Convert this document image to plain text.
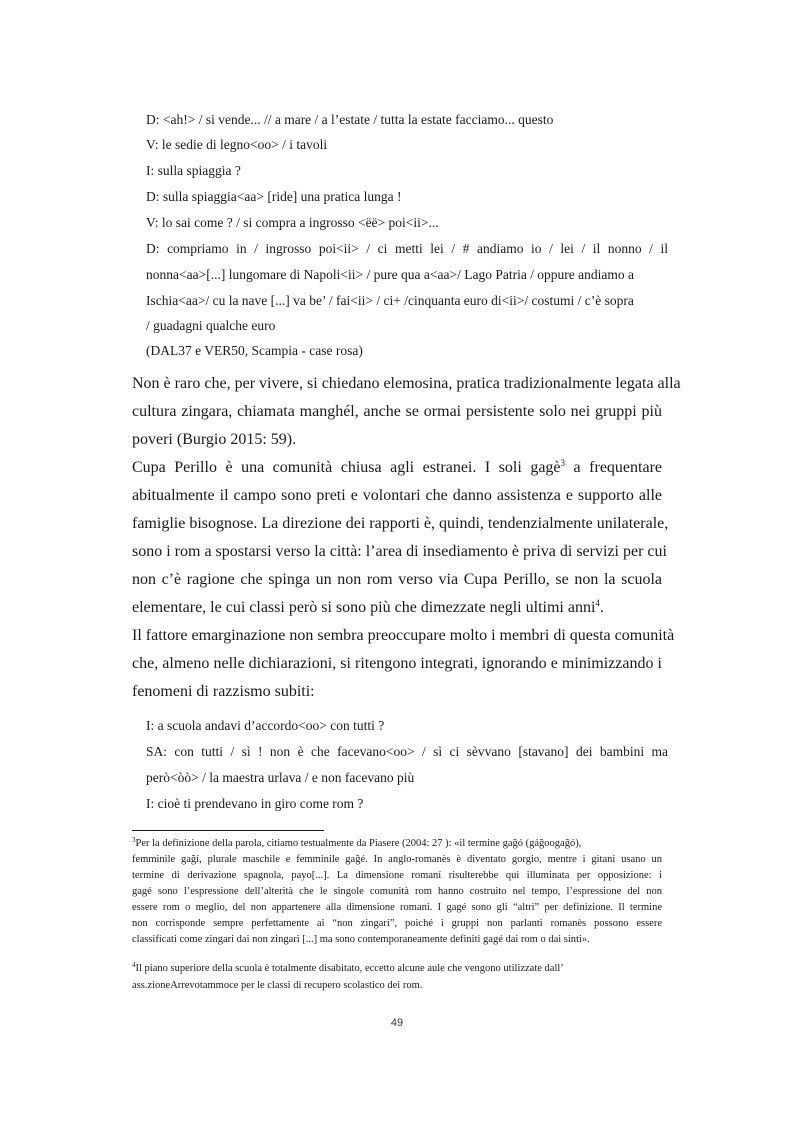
D: <ah!> / si vende... // a mare / a l’estate / tutta la estate facciamo... questo
V: le sedie di legno<oo> / i tavoli
I: sulla spiaggia ?
D: sulla spiaggia<aa> [ride] una pratica lunga !
V: lo sai come ? / si compra a ingrosso <ëë> poi<ii>...
D: compriamo in / ingrosso poi<ii> / ci metti lei / # andiamo io / lei / il nonno / il
nonna<aa>[...] lungomare di Napoli<ii> / pure qua a<aa>/ Lago Patria / oppure andiamo a
Ischia<aa>/ cu la nave [...] va be’ / fai<ii> / ci+ /cinquanta euro di<ii>/ costumi / c’è sopra
/ guadagni qualche euro
(DAL37 e VER50, Scampia - case rosa)
Non è raro che, per vivere, si chiedano elemosina, pratica tradizionalmente legata alla
cultura zingara, chiamata manghél, anche se ormai persistente solo nei gruppi più
poveri (Burgio 2015: 59).
Cupa Perillo è una comunità chiusa agli estranei. I soli gagè$^3$ a frequentare
abitualmente il campo sono preti e volontari che danno assistenza e supporto alle
famiglie bisognose. La direzione dei rapporti è, quindi, tendenzialmente unilaterale,
sono i rom a spostarsi verso la città: l’area di insediamento è priva di servizi per cui
non c’è ragione che spinga un non rom verso via Cupa Perillo, se non la scuola
elementare, le cui classi però si sono più che dimezzate negli ultimi anni$^4$.
Il fattore emarginazione non sembra preoccupare molto i membri di questa comunità
che, almeno nelle dichiarazioni, si ritengono integrati, ignorando e minimizzando i
fenomeni di razzismo subiti:
I: a scuola andavi d’accordo<oo> con tutti ?
SA: con tutti / sì ! non è che facevano<oo> / sì ci sèvvano [stavano] dei bambini ma
però<òò> / la maestra urlava / e non facevano più
I: cioè ti prendevano in giro come rom ?
$^3$Per la definizione della parola, citiamo testualmente da Piasere (2004: 27 ): «il termine gağó (gáğoogağó),
femminile gağí, plurale maschile e femminile gağé. In anglo-romanès è diventato gorgio, mentre i gitani usano un
termine di derivazione spagnola, payo[...]. La dimensione romaní risulterebbe qui illuminata per opposizione: i
gagé sono l’espressione dell’alterità che le singole comunità rom hanno costruito nel tempo, l’espressione del non
essere rom o meglio, del non appartenere alla dimensione romani. I gagé sono gli “altri” per definizione. Il termine
non corrisponde sempre perfettamente ai “non zingari”, poiché i gruppi non parlanti romanès possono essere
classificati come zingari dai non zingari [...] ma sono contemporaneamente definiti gagé dai rom o dai sinti».
$^4$Il piano superiore della scuola è totalmente disabitato, eccetto alcune aule che vengono utilizzate dall’
ass.zioneArrevotammoce per le classi di recupero scolastico dei rom.
49
